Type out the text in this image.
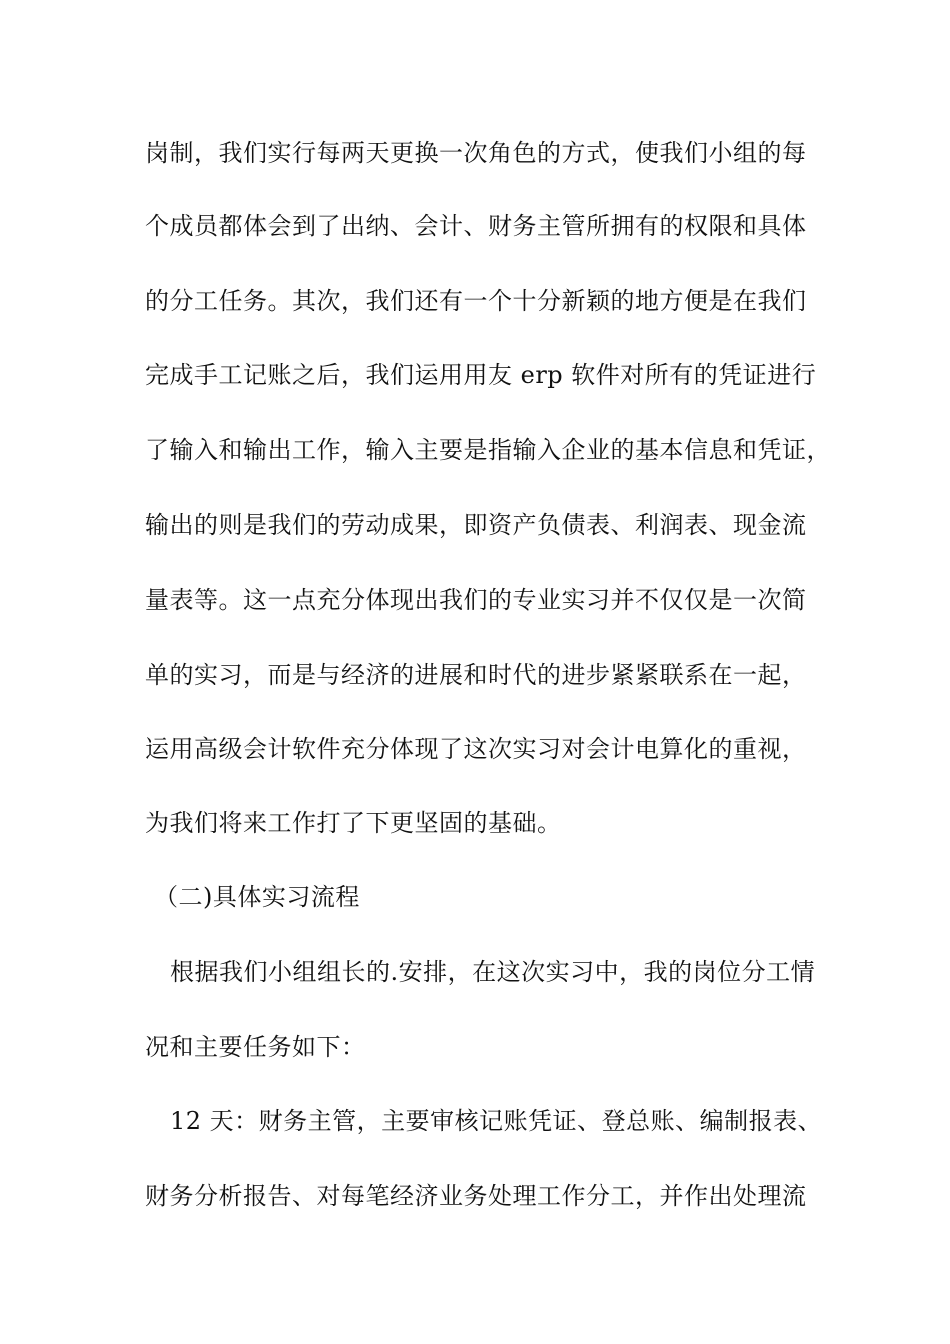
岗制，我们实行每两天更换一次角色的方式，使我们小组的每
个成员都体会到了出纳、会计、财务主管所拥有的权限和具体
的分工任务。其次，我们还有一个十分新颖的地方便是在我们
完成手工记账之后，我们运用用友 erp 软件对所有的凭证进行
了输入和输出工作，输入主要是指输入企业的基本信息和凭证，
输出的则是我们的劳动成果，即资产负债表、利润表、现金流
量表等。这一点充分体现出我们的专业实习并不仅仅是一次简
单的实习，而是与经济的进展和时代的进步紧紧联系在一起，
运用高级会计软件充分体现了这次实习对会计电算化的重视，
为我们将来工作打了下更坚固的基础。
（二)具体实习流程
根据我们小组组长的.安排，在这次实习中，我的岗位分工情
况和主要任务如下：
12 天：财务主管，主要审核记账凭证、登总账、编制报表、
财务分析报告、对每笔经济业务处理工作分工，并作出处理流
